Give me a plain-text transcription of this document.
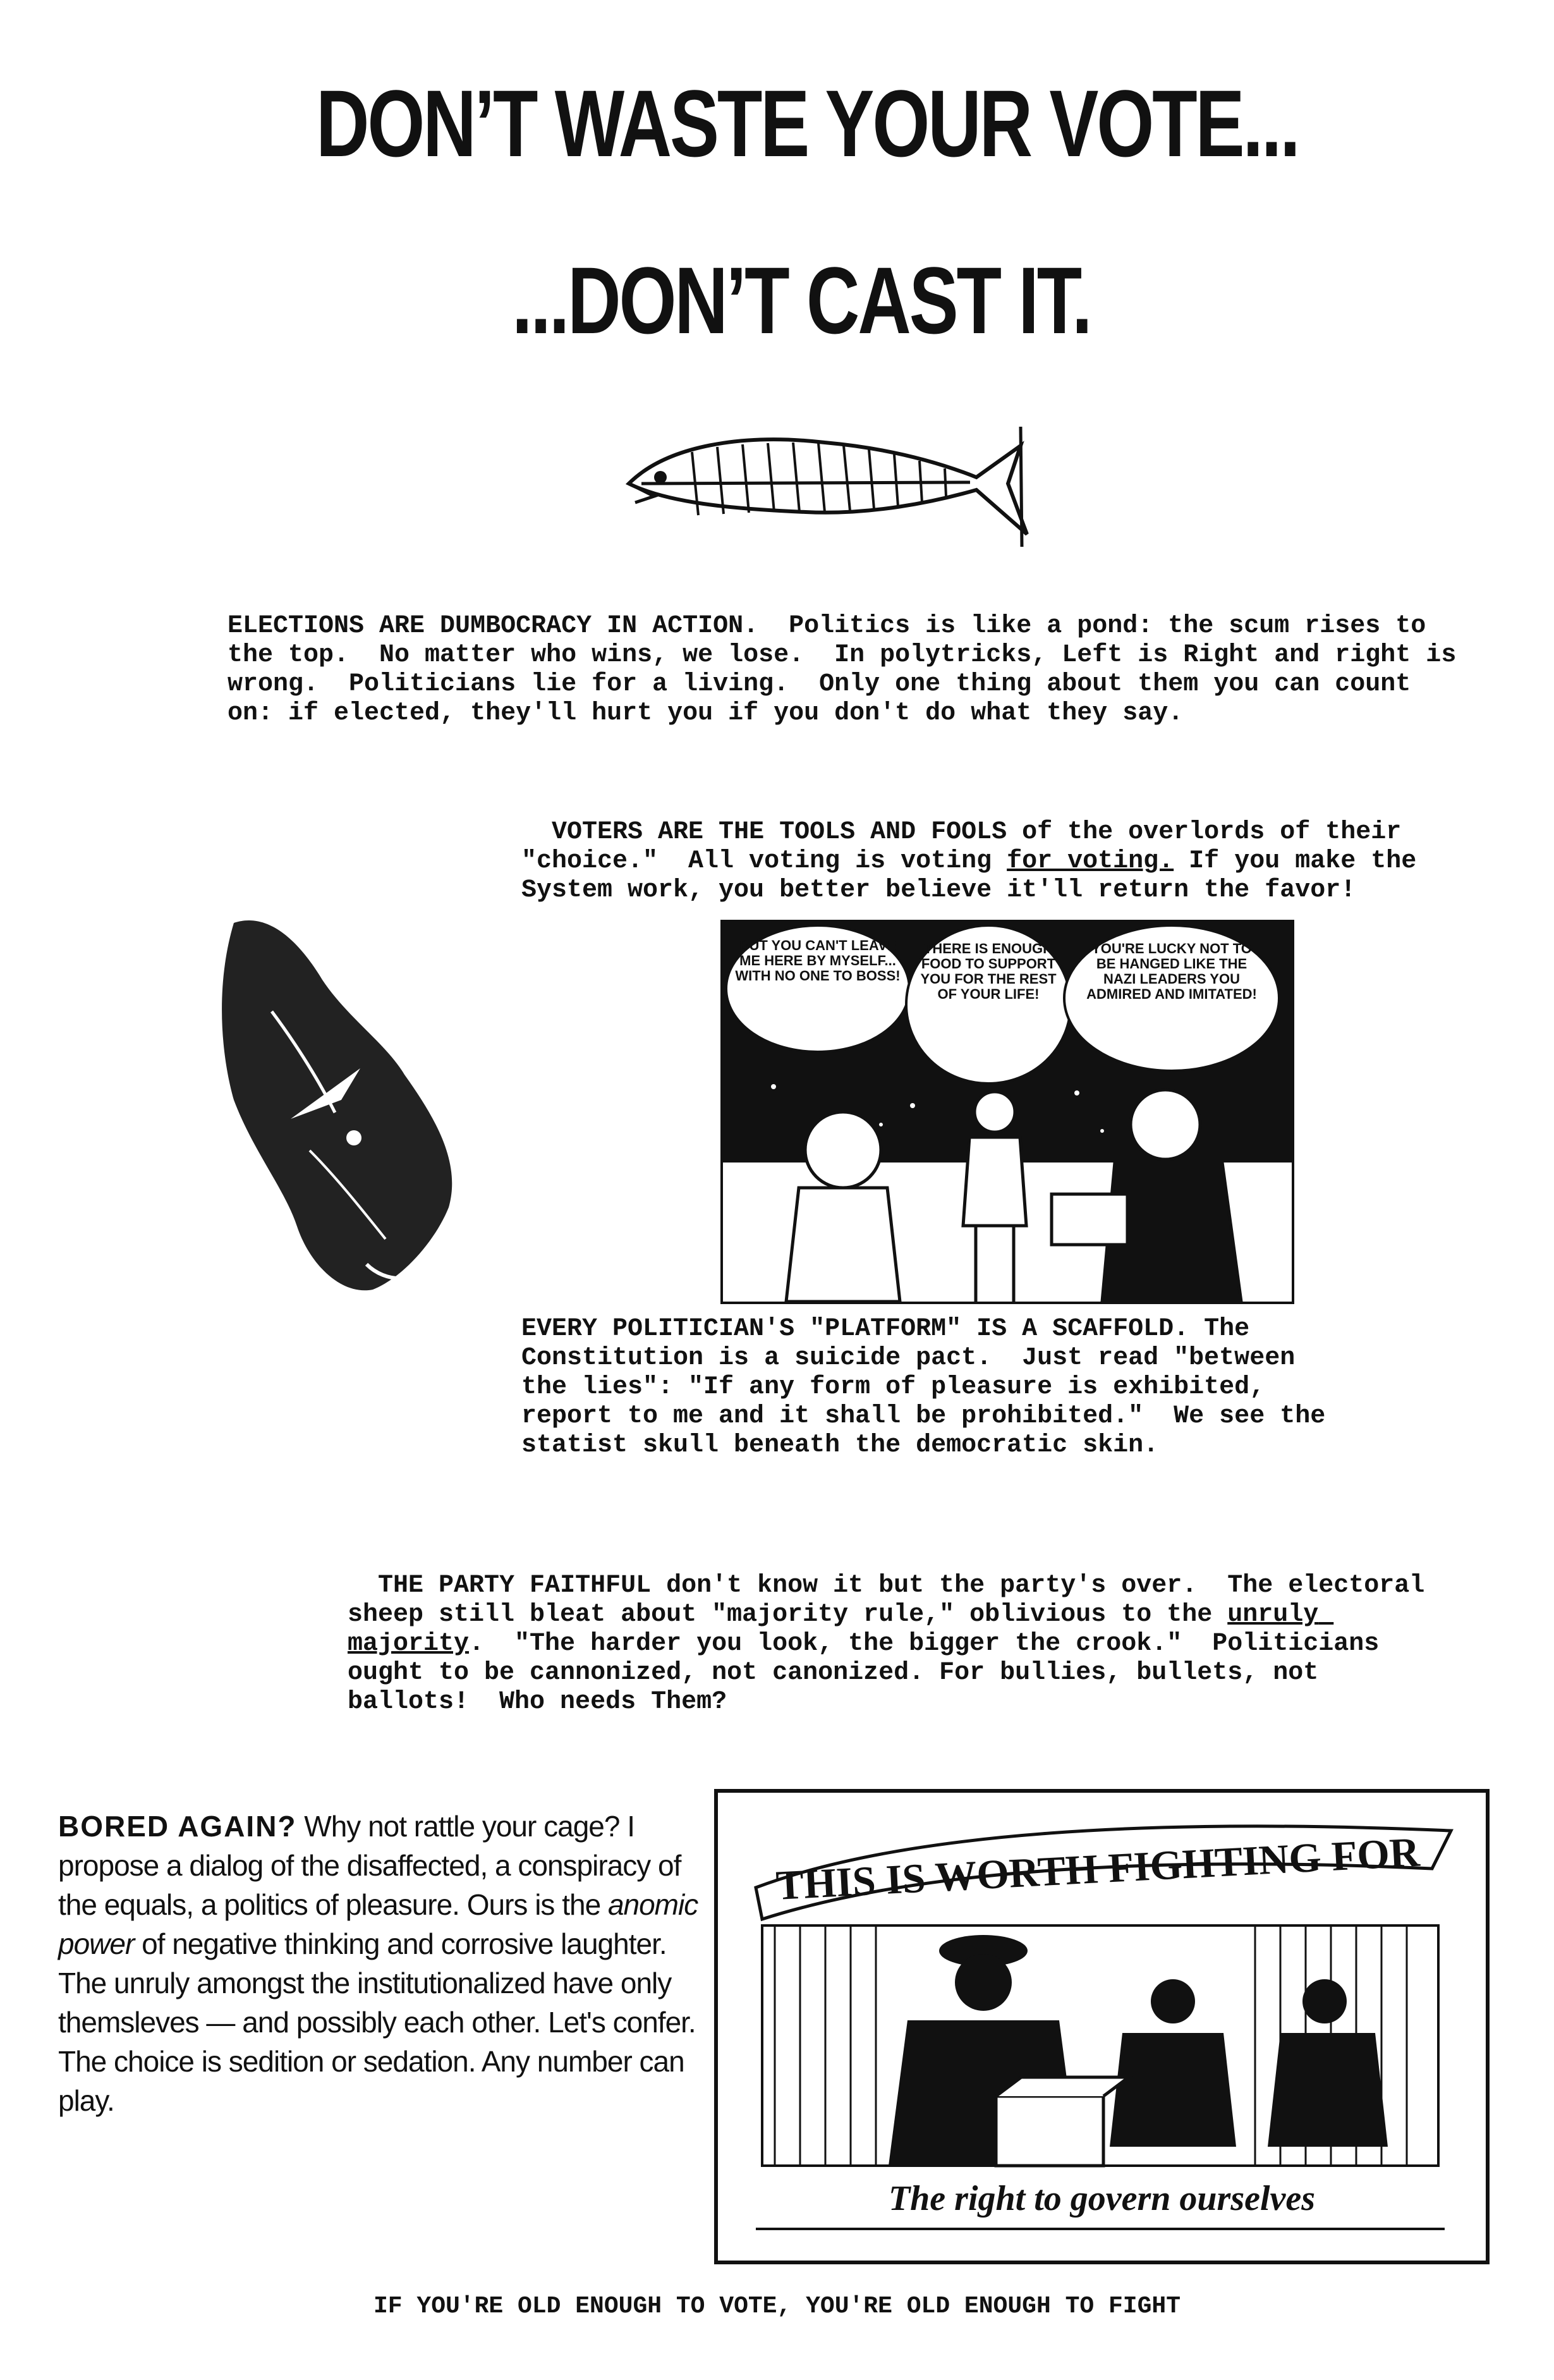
DON’T WASTE YOUR VOTE...
...DON’T CAST IT.
ELECTIONS ARE DUMBOCRACY IN ACTION.  Politics is like a pond: the scum rises to the top.  No matter who wins, we lose.  In polytricks, Left is Right and right is wrong.  Politicians lie for a living.  Only one thing about them you can count on: if elected, they'll hurt you if you don't do what they say.

VOTERS ARE THE TOOLS AND FOOLS of the overlords of their "choice."  All voting is voting for voting. If you make the System work, you better believe it'll return the favor!

BUT YOU CAN'T LEAVE ME HERE BY MYSELF... WITH NO ONE TO BOSS!
THERE IS ENOUGH FOOD TO SUPPORT YOU FOR THE REST OF YOUR LIFE!
YOU'RE LUCKY NOT TO BE HANGED LIKE THE NAZI LEADERS YOU ADMIRED AND IMITATED!
EVERY POLITICIAN'S "PLATFORM" IS A SCAFFOLD. The Constitution is a suicide pact.  Just read "between the lies": "If any form of pleasure is exhibited, report to me and it shall be prohibited."  We see the statist skull beneath the democratic skin.

THE PARTY FAITHFUL don't know it but the party's over.  The electoral sheep still bleat about "majority rule," oblivious to the unruly majority.  "The harder you look, the bigger the crook."  Politicians ought to be cannonized, not canonized. For bullies, bullets, not ballots!  Who needs Them?

BORED AGAIN? Why not rattle your cage? I propose a dialog of the disaffected, a conspiracy of the equals, a politics of pleasure. Ours is the anomic power of negative thinking and corrosive laughter. The unruly amongst the institutionalized have only themsleves — and possibly each other. Let's confer. The choice is sedition or sedation. Any number can play.
THIS IS WORTH FIGHTING FOR
The right to govern ourselves
IF YOU'RE OLD ENOUGH TO VOTE, YOU'RE OLD ENOUGH TO FIGHT
